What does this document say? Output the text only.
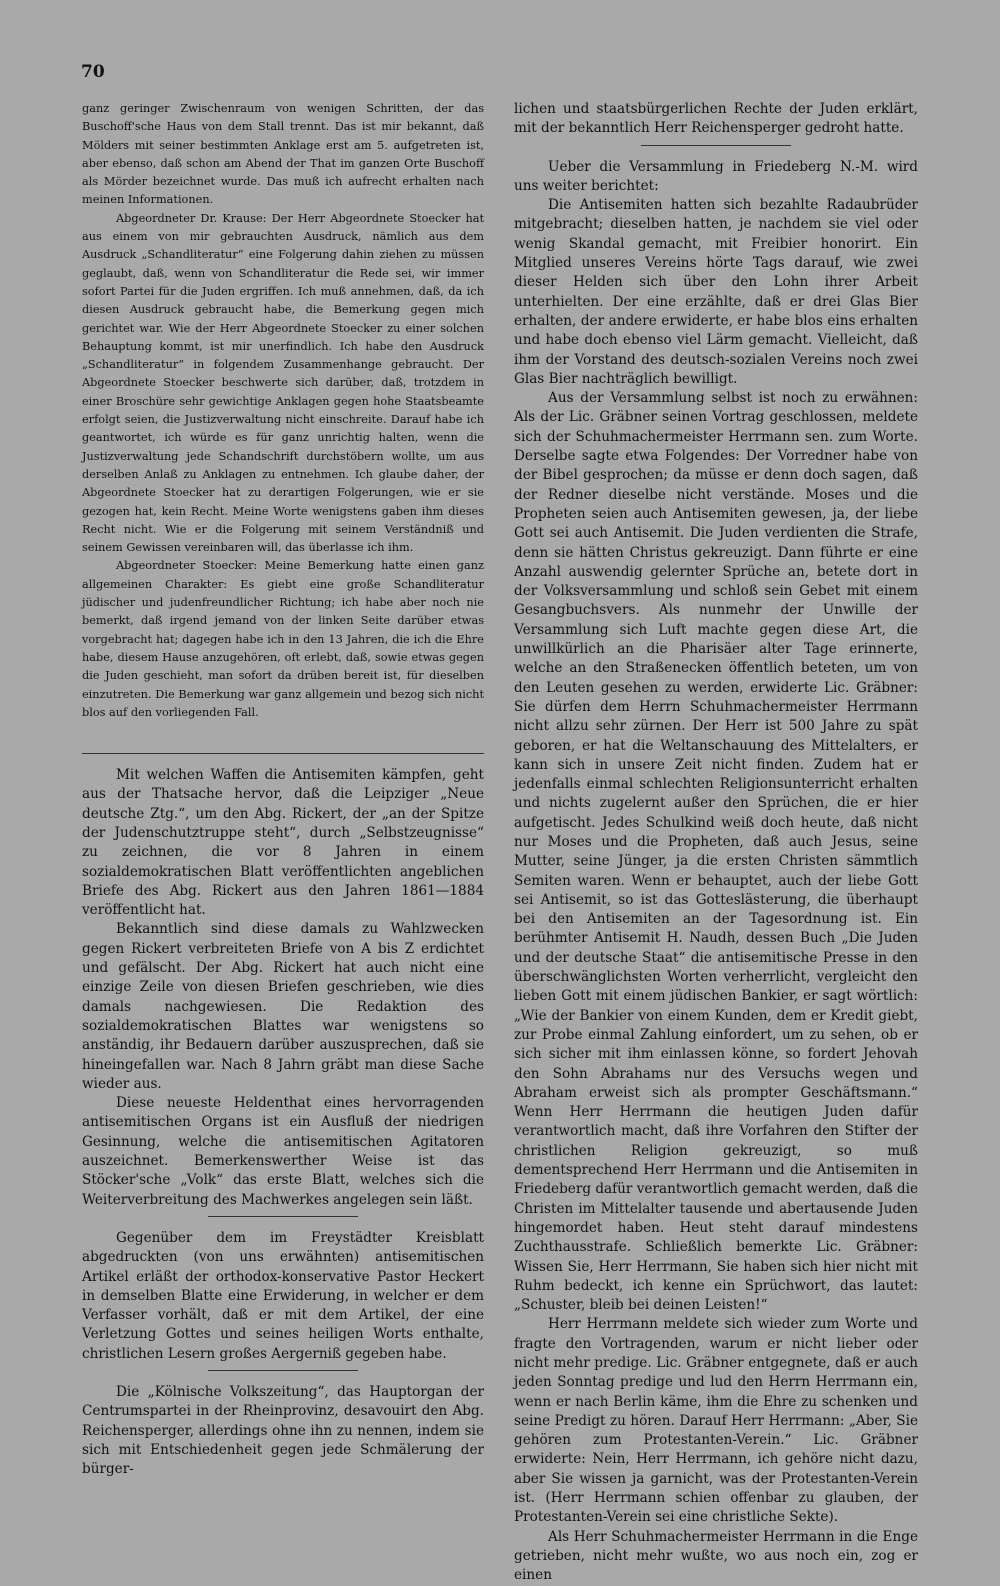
70

ganz geringer Zwischenraum von wenigen Schritten, der das Buschoff'sche Haus von dem Stall trennt. Das ist mir bekannt, daß Mölders mit seiner bestimmten Anklage erst am 5. aufgetreten ist, aber ebenso, daß schon am Abend der That im ganzen Orte Buschoff als Mörder bezeichnet wurde. Das muß ich aufrecht erhalten nach meinen Informationen.

Abgeordneter Dr. Krause: Der Herr Abgeordnete Stoecker hat aus einem von mir gebrauchten Ausdruck, nämlich aus dem Ausdruck „Schandliteratur“ eine Folgerung dahin ziehen zu müssen geglaubt, daß, wenn von Schandliteratur die Rede sei, wir immer sofort Partei für die Juden ergriffen. Ich muß annehmen, daß, da ich diesen Ausdruck gebraucht habe, die Bemerkung gegen mich gerichtet war. Wie der Herr Abgeordnete Stoecker zu einer solchen Behauptung kommt, ist mir unerfindlich. Ich habe den Ausdruck „Schandliteratur“ in folgendem Zusammenhange gebraucht. Der Abgeordnete Stoecker beschwerte sich darüber, daß, trotzdem in einer Broschüre sehr gewichtige Anklagen gegen hohe Staatsbeamte erfolgt seien, die Justizverwaltung nicht einschreite. Darauf habe ich geantwortet, ich würde es für ganz unrichtig halten, wenn die Justizverwaltung jede Schandschrift durchstöbern wollte, um aus derselben Anlaß zu Anklagen zu entnehmen. Ich glaube daher, der Abgeordnete Stoecker hat zu derartigen Folgerungen, wie er sie gezogen hat, kein Recht. Meine Worte wenigstens gaben ihm dieses Recht nicht. Wie er die Folgerung mit seinem Verständniß und seinem Gewissen vereinbaren will, das überlasse ich ihm.

Abgeordneter Stoecker: Meine Bemerkung hatte einen ganz allgemeinen Charakter: Es giebt eine große Schandliteratur jüdischer und judenfreundlicher Richtung; ich habe aber noch nie bemerkt, daß irgend jemand von der linken Seite darüber etwas vorgebracht hat; dagegen habe ich in den 13 Jahren, die ich die Ehre habe, diesem Hause anzugehören, oft erlebt, daß, sowie etwas gegen die Juden geschieht, man sofort da drüben bereit ist, für dieselben einzutreten. Die Bemerkung war ganz allgemein und bezog sich nicht blos auf den vorliegenden Fall.

Mit welchen Waffen die Antisemiten kämpfen, geht aus der Thatsache hervor, daß die Leipziger „Neue deutsche Ztg.“, um den Abg. Rickert, der „an der Spitze der Judenschutztruppe steht“, durch „Selbstzeugnisse“ zu zeichnen, die vor 8 Jahren in einem sozialdemokratischen Blatt veröffentlichten angeblichen Briefe des Abg. Rickert aus den Jahren 1861—1884 veröffentlicht hat.

Bekanntlich sind diese damals zu Wahlzwecken gegen Rickert verbreiteten Briefe von A bis Z erdichtet und gefälscht. Der Abg. Rickert hat auch nicht eine einzige Zeile von diesen Briefen geschrieben, wie dies damals nachgewiesen. Die Redaktion des sozialdemokratischen Blattes war wenigstens so anständig, ihr Bedauern darüber auszusprechen, daß sie hineingefallen war. Nach 8 Jahrn gräbt man diese Sache wieder aus.

Diese neueste Heldenthat eines hervorragenden antisemitischen Organs ist ein Ausfluß der niedrigen Gesinnung, welche die antisemitischen Agitatoren auszeichnet. Bemerkenswerther Weise ist das Stöcker'sche „Volk“ das erste Blatt, welches sich die Weiterverbreitung des Machwerkes angelegen sein läßt.

Gegenüber dem im Freystädter Kreisblatt abgedruckten (von uns erwähnten) antisemitischen Artikel erläßt der orthodox-konservative Pastor Heckert in demselben Blatte eine Erwiderung, in welcher er dem Verfasser vorhält, daß er mit dem Artikel, der eine Verletzung Gottes und seines heiligen Worts enthalte, christlichen Lesern großes Aergerniß gegeben habe.

Die „Kölnische Volkszeitung“, das Hauptorgan der Centrumspartei in der Rheinprovinz, desavouirt den Abg. Reichensperger, allerdings ohne ihn zu nennen, indem sie sich mit Entschiedenheit gegen jede Schmälerung der bürger-

lichen und staatsbürgerlichen Rechte der Juden erklärt, mit der bekanntlich Herr Reichensperger gedroht hatte.

Ueber die Versammlung in Friedeberg N.-M. wird uns weiter berichtet:

Die Antisemiten hatten sich bezahlte Radaubrüder mitgebracht; dieselben hatten, je nachdem sie viel oder wenig Skandal gemacht, mit Freibier honorirt. Ein Mitglied unseres Vereins hörte Tags darauf, wie zwei dieser Helden sich über den Lohn ihrer Arbeit unterhielten. Der eine erzählte, daß er drei Glas Bier erhalten, der andere erwiderte, er habe blos eins erhalten und habe doch ebenso viel Lärm gemacht. Vielleicht, daß ihm der Vorstand des deutsch-sozialen Vereins noch zwei Glas Bier nachträglich bewilligt.

Aus der Versammlung selbst ist noch zu erwähnen: Als der Lic. Gräbner seinen Vortrag geschlossen, meldete sich der Schuhmachermeister Herrmann sen. zum Worte. Derselbe sagte etwa Folgendes: Der Vorredner habe von der Bibel gesprochen; da müsse er denn doch sagen, daß der Redner dieselbe nicht verstände. Moses und die Propheten seien auch Antisemiten gewesen, ja, der liebe Gott sei auch Antisemit. Die Juden verdienten die Strafe, denn sie hätten Christus gekreuzigt. Dann führte er eine Anzahl auswendig gelernter Sprüche an, betete dort in der Volksversammlung und schloß sein Gebet mit einem Gesangbuchsvers. Als nunmehr der Unwille der Versammlung sich Luft machte gegen diese Art, die unwillkürlich an die Pharisäer alter Tage erinnerte, welche an den Straßenecken öffentlich beteten, um von den Leuten gesehen zu werden, erwiderte Lic. Gräbner: Sie dürfen dem Herrn Schuhmachermeister Herrmann nicht allzu sehr zürnen. Der Herr ist 500 Jahre zu spät geboren, er hat die Weltanschauung des Mittelalters, er kann sich in unsere Zeit nicht finden. Zudem hat er jedenfalls einmal schlechten Religionsunterricht erhalten und nichts zugelernt außer den Sprüchen, die er hier aufgetischt. Jedes Schulkind weiß doch heute, daß nicht nur Moses und die Propheten, daß auch Jesus, seine Mutter, seine Jünger, ja die ersten Christen sämmtlich Semiten waren. Wenn er behauptet, auch der liebe Gott sei Antisemit, so ist das Gotteslästerung, die überhaupt bei den Antisemiten an der Tagesordnung ist. Ein berühmter Antisemit H. Naudh, dessen Buch „Die Juden und der deutsche Staat“ die antisemitische Presse in den überschwänglichsten Worten verherrlicht, vergleicht den lieben Gott mit einem jüdischen Bankier, er sagt wörtlich: „Wie der Bankier von einem Kunden, dem er Kredit giebt, zur Probe einmal Zahlung einfordert, um zu sehen, ob er sich sicher mit ihm einlassen könne, so fordert Jehovah den Sohn Abrahams nur des Versuchs wegen und Abraham erweist sich als prompter Geschäftsmann.“ Wenn Herr Herrmann die heutigen Juden dafür verantwortlich macht, daß ihre Vorfahren den Stifter der christlichen Religion gekreuzigt, so muß dementsprechend Herr Herrmann und die Antisemiten in Friedeberg dafür verantwortlich gemacht werden, daß die Christen im Mittelalter tausende und abertausende Juden hingemordet haben. Heut steht darauf mindestens Zuchthausstrafe. Schließlich bemerkte Lic. Gräbner: Wissen Sie, Herr Herrmann, Sie haben sich hier nicht mit Ruhm bedeckt, ich kenne ein Sprüchwort, das lautet: „Schuster, bleib bei deinen Leisten!“

Herr Herrmann meldete sich wieder zum Worte und fragte den Vortragenden, warum er nicht lieber oder nicht mehr predige. Lic. Gräbner entgegnete, daß er auch jeden Sonntag predige und lud den Herrn Herrmann ein, wenn er nach Berlin käme, ihm die Ehre zu schenken und seine Predigt zu hören. Darauf Herr Herrmann: „Aber, Sie gehören zum Protestanten-Verein.“ Lic. Gräbner erwiderte: Nein, Herr Herrmann, ich gehöre nicht dazu, aber Sie wissen ja garnicht, was der Protestanten-Verein ist. (Herr Herrmann schien offenbar zu glauben, der Protestanten-Verein sei eine christliche Sekte).

Als Herr Schuhmachermeister Herrmann in die Enge getrieben, nicht mehr wußte, wo aus noch ein, zog er einen
